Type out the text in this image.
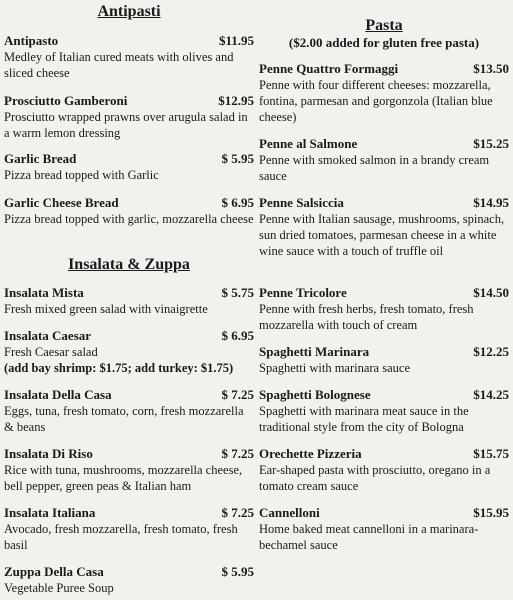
Antipasti
Antipasto	$11.95
Medley of Italian cured meats with olives and sliced cheese
Prosciutto Gamberoni	$12.95
Prosciutto wrapped prawns over arugula salad in a warm lemon dressing
Garlic Bread	$ 5.95
Pizza bread topped with Garlic
Garlic Cheese Bread	$ 6.95
Pizza bread topped with garlic, mozzarella cheese
Insalata & Zuppa
Insalata Mista	$ 5.75
Fresh mixed green salad with vinaigrette
Insalata Caesar	$ 6.95
Fresh Caesar salad
(add bay shrimp: $1.75; add turkey: $1.75)
Insalata Della Casa	$ 7.25
Eggs, tuna, fresh tomato, corn, fresh mozzarella & beans
Insalata Di Riso	$ 7.25
Rice with tuna, mushrooms, mozzarella cheese, bell pepper, green peas & Italian ham
Insalata Italiana	$ 7.25
Avocado, fresh mozzarella, fresh tomato, fresh basil
Zuppa Della Casa	$ 5.95
Vegetable Puree Soup
Pasta
($2.00 added for gluten free pasta)
Penne Quattro Formaggi	$13.50
Penne with four different cheeses: mozzarella, fontina, parmesan and gorgonzola (Italian blue cheese)
Penne al Salmone	$15.25
Penne with smoked salmon in a brandy cream sauce
Penne Salsiccia	$14.95
Penne with Italian sausage, mushrooms, spinach, sun dried tomatoes, parmesan cheese in a white wine sauce with a touch of truffle oil
Penne Tricolore	$14.50
Penne with fresh herbs, fresh tomato, fresh mozzarella with touch of cream
Spaghetti Marinara	$12.25
Spaghetti with marinara sauce
Spaghetti Bolognese	$14.25
Spaghetti with marinara meat sauce in the traditional style from the city of Bologna
Orechette Pizzeria	$15.75
Ear-shaped pasta with prosciutto, oregano in a tomato cream sauce
Cannelloni	$15.95
Home baked meat cannelloni in a marinara-bechamel sauce
